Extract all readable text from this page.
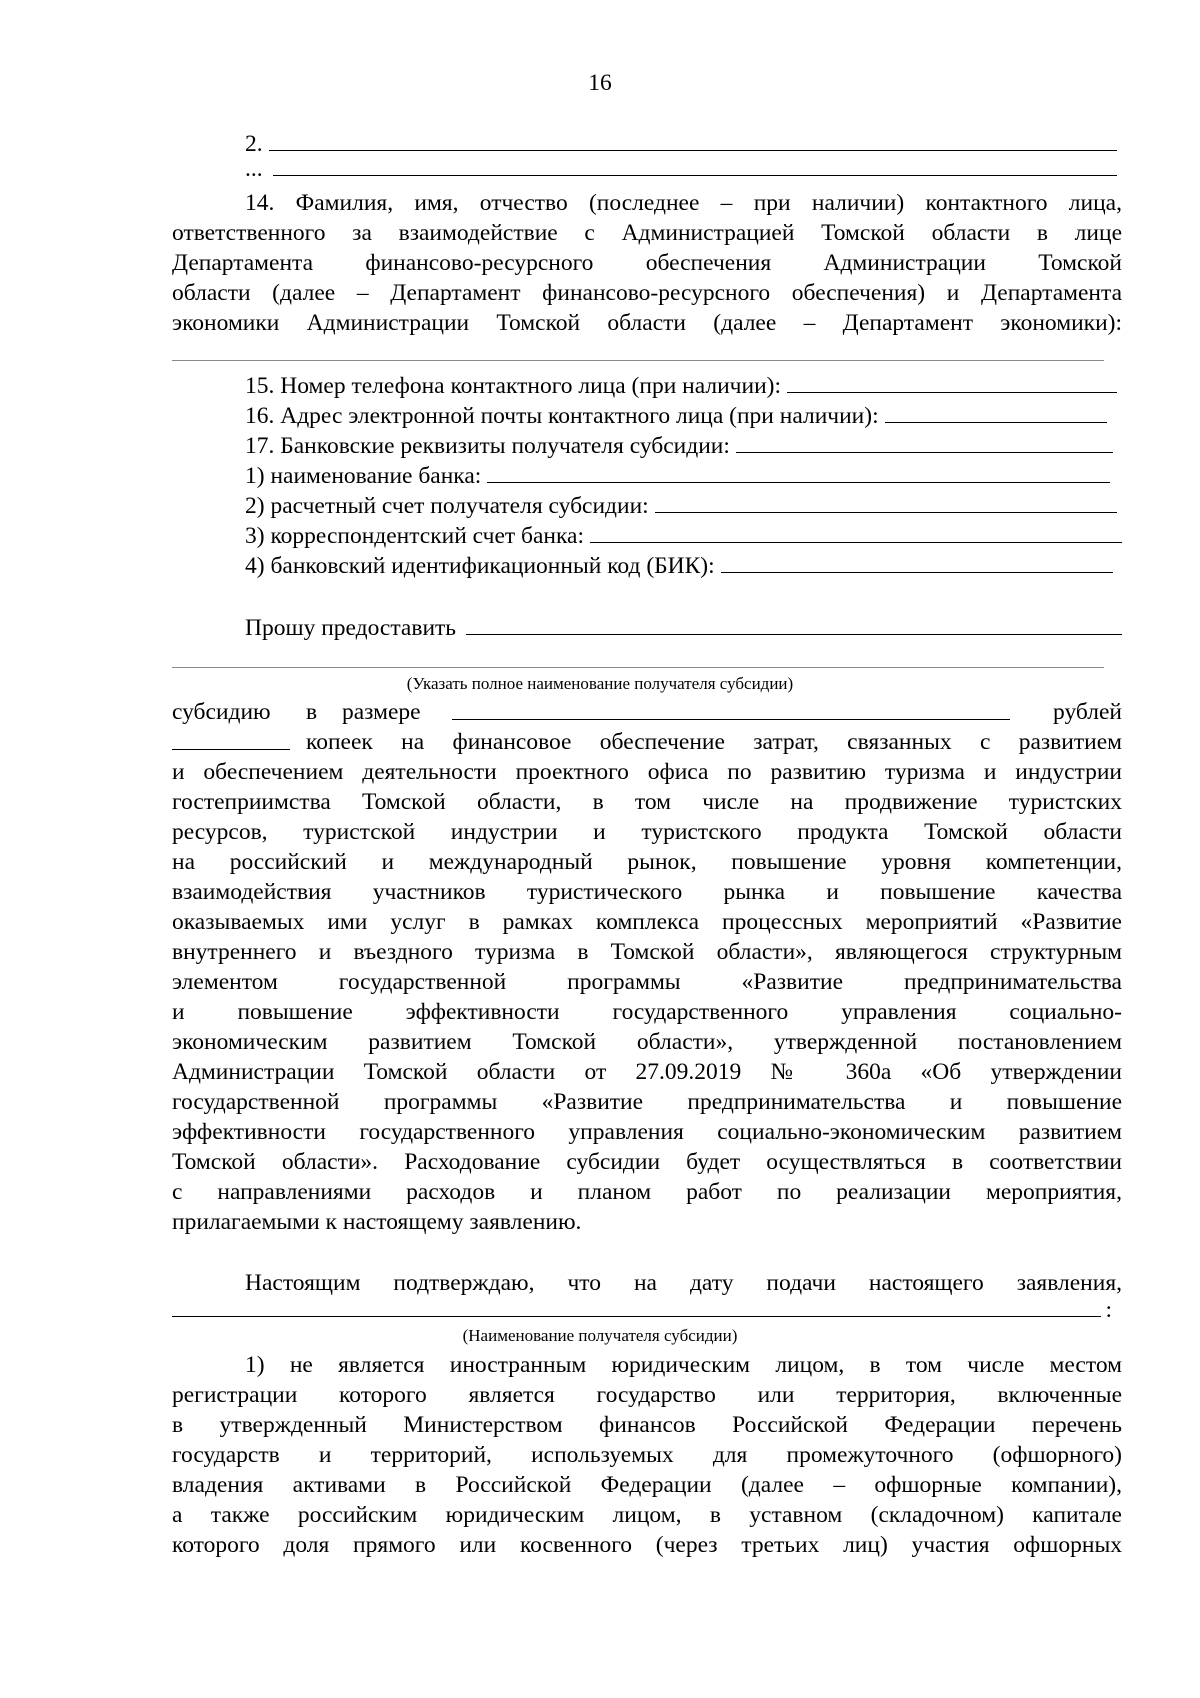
16
2.
...
14. Фамилия, имя, отчество (последнее – при наличии) контактного лица,
ответственного за взаимодействие с Администрацией Томской области в лице
Департамента финансово-ресурсного обеспечения Администрации Томской
области (далее – Департамент финансово-ресурсного обеспечения) и Департамента
экономики Администрации Томской области (далее – Департамент экономики):
15. Номер телефона контактного лица (при наличии):
16. Адрес электронной почты контактного лица (при наличии):
17. Банковские реквизиты получателя субсидии:
1) наименование банка:
2) расчетный счет получателя субсидии:
3) корреспондентский счет банка:
4) банковский идентификационный код (БИК):
Прошу предоставить
(Указать полное наименование получателя субсидии)
субсидию в размере	рублей
копеек на финансовое обеспечение затрат, связанных с развитием
и обеспечением деятельности проектного офиса по развитию туризма и индустрии
гостеприимства Томской области, в том числе на продвижение туристских
ресурсов, туристской индустрии и туристского продукта Томской области
на российский и международный рынок, повышение уровня компетенции,
взаимодействия участников туристического рынка и повышение качества
оказываемых ими услуг в рамках комплекса процессных мероприятий «Развитие
внутреннего и въездного туризма в Томской области», являющегося структурным
элементом государственной программы «Развитие предпринимательства
и повышение эффективности государственного управления социально-
экономическим развитием Томской области», утвержденной постановлением
Администрации Томской области от 27.09.2019 № 360а «Об утверждении
государственной программы «Развитие предпринимательства и повышение
эффективности государственного управления социально-экономическим развитием
Томской области». Расходование субсидии будет осуществляться в соответствии
с направлениями расходов и планом работ по реализации мероприятия,
прилагаемыми к настоящему заявлению.
Настоящим подтверждаю, что на дату подачи настоящего заявления,
:
(Наименование получателя субсидии)
1) не является иностранным юридическим лицом, в том числе местом
регистрации которого является государство или территория, включенные
в утвержденный Министерством финансов Российской Федерации перечень
государств и территорий, используемых для промежуточного (офшорного)
владения активами в Российской Федерации (далее – офшорные компании),
а также российским юридическим лицом, в уставном (складочном) капитале
которого доля прямого или косвенного (через третьих лиц) участия офшорных
